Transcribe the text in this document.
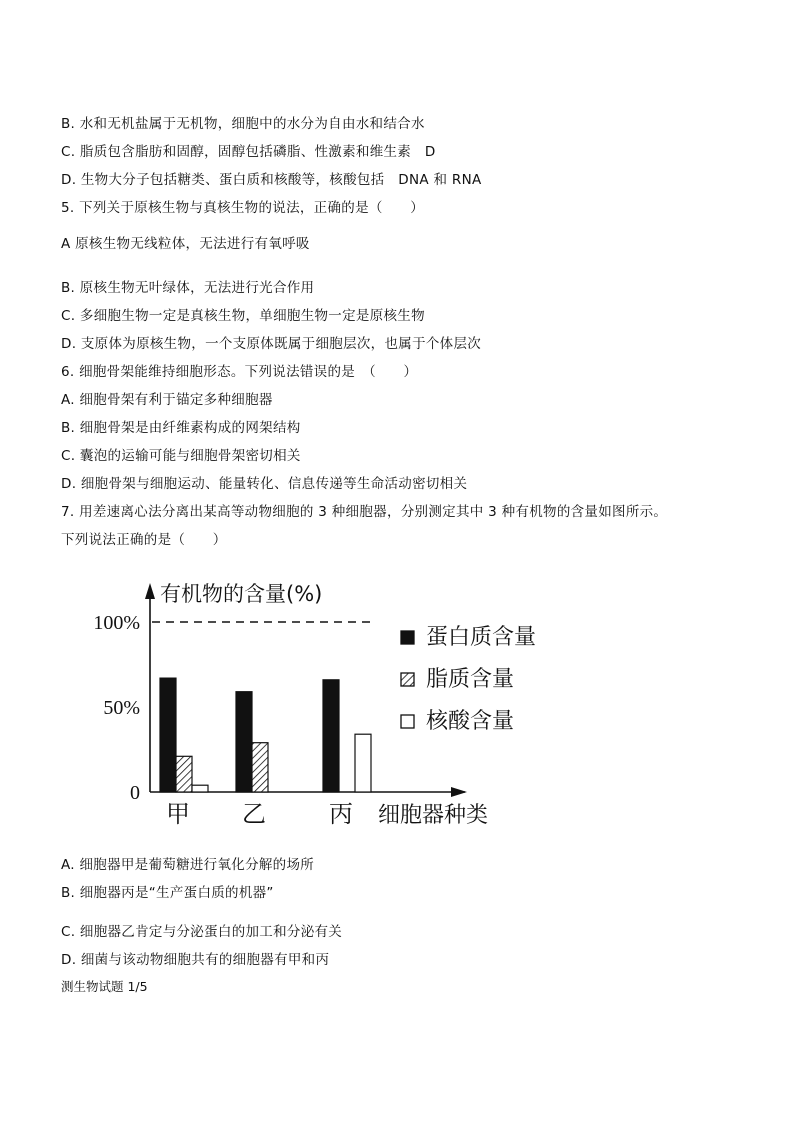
B. 水和无机盐属于无机物，细胞中的水分为自由水和结合水
C. 脂质包含脂肪和固醇，固醇包括磷脂、性激素和维生素　D
D. 生物大分子包括糖类、蛋白质和核酸等，核酸包括　DNA 和 RNA
5. 下列关于原核生物与真核生物的说法，正确的是（　　）
A 原核生物无线粒体，无法进行有氧呼吸
B. 原核生物无叶绿体，无法进行光合作用
C. 多细胞生物一定是真核生物，单细胞生物一定是原核生物
D. 支原体为原核生物，一个支原体既属于细胞层次，也属于个体层次
6. 细胞骨架能维持细胞形态。下列说法错误的是　（　　）
A. 细胞骨架有利于锚定多种细胞器
B. 细胞骨架是由纤维素构成的网架结构
C. 囊泡的运输可能与细胞骨架密切相关
D. 细胞骨架与细胞运动、能量转化、信息传递等生命活动密切相关
7. 用差速离心法分离出某高等动物细胞的 3 种细胞器，分别测定其中 3 种有机物的含量如图所示。
下列说法正确的是（　　）
A. 细胞器甲是葡萄糖进行氧化分解的场所
B. 细胞器丙是“生产蛋白质的机器”
C. 细胞器乙肯定与分泌蛋白的加工和分泌有关
D. 细菌与该动物细胞共有的细胞器有甲和丙
有机物的含量(%)
0
50%
100%
甲 乙	丙 细胞器种类
蛋白质含量
脂质含量
核酸含量
测生物试题 1/5
